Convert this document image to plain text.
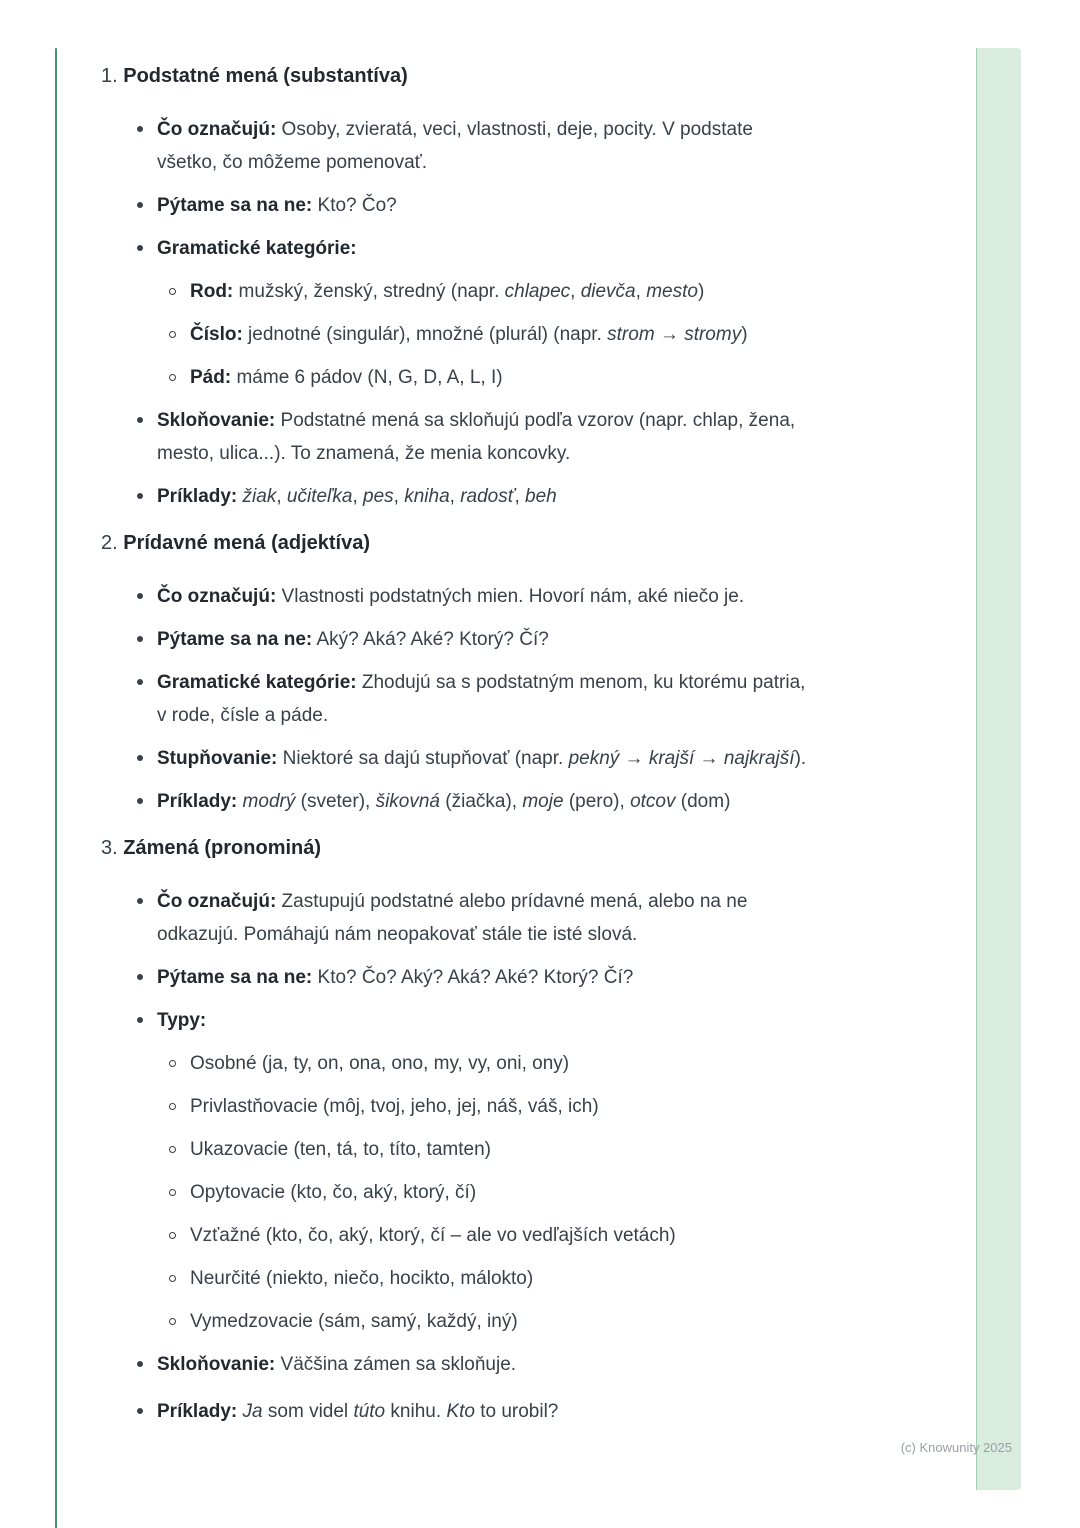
1. Podstatné mená (substantíva)
Čo označujú: Osoby, zvieratá, veci, vlastnosti, deje, pocity. V podstate všetko, čo môžeme pomenovať.
Pýtame sa na ne: Kto? Čo?
Gramatické kategórie:
Rod: mužský, ženský, stredný (napr. chlapec, dievča, mesto)
Číslo: jednotné (singulár), množné (plurál) (napr. strom → stromy)
Pád: máme 6 pádov (N, G, D, A, L, I)
Skloňovanie: Podstatné mená sa skloňujú podľa vzorov (napr. chlap, žena, mesto, ulica...). To znamená, že menia koncovky.
Príklady: žiak, učiteľka, pes, kniha, radosť, beh
2. Prídavné mená (adjektíva)
Čo označujú: Vlastnosti podstatných mien. Hovorí nám, aké niečo je.
Pýtame sa na ne: Aký? Aká? Aké? Ktorý? Čí?
Gramatické kategórie: Zhodujú sa s podstatným menom, ku ktorému patria, v rode, čísle a páde.
Stupňovanie: Niektoré sa dajú stupňovať (napr. pekný → krajší → najkrajší).
Príklady: modrý (sveter), šikovná (žiačka), moje (pero), otcov (dom)
3. Zámená (pronominá)
Čo označujú: Zastupujú podstatné alebo prídavné mená, alebo na ne odkazujú. Pomáhajú nám neopakovať stále tie isté slová.
Pýtame sa na ne: Kto? Čo? Aký? Aká? Aké? Ktorý? Čí?
Typy:
Osobné (ja, ty, on, ona, ono, my, vy, oni, ony)
Privlastňovacie (môj, tvoj, jeho, jej, náš, váš, ich)
Ukazovacie (ten, tá, to, títo, tamten)
Opytovacie (kto, čo, aký, ktorý, čí)
Vzťažné (kto, čo, aký, ktorý, čí – ale vo vedľajších vetách)
Neurčité (niekto, niečo, hocikto, málokto)
Vymedzovacie (sám, samý, každý, iný)
Skloňovanie: Väčšina zámen sa skloňuje.
Príklady: Ja som videl túto knihu. Kto to urobil?
(c) Knowunity 2025
